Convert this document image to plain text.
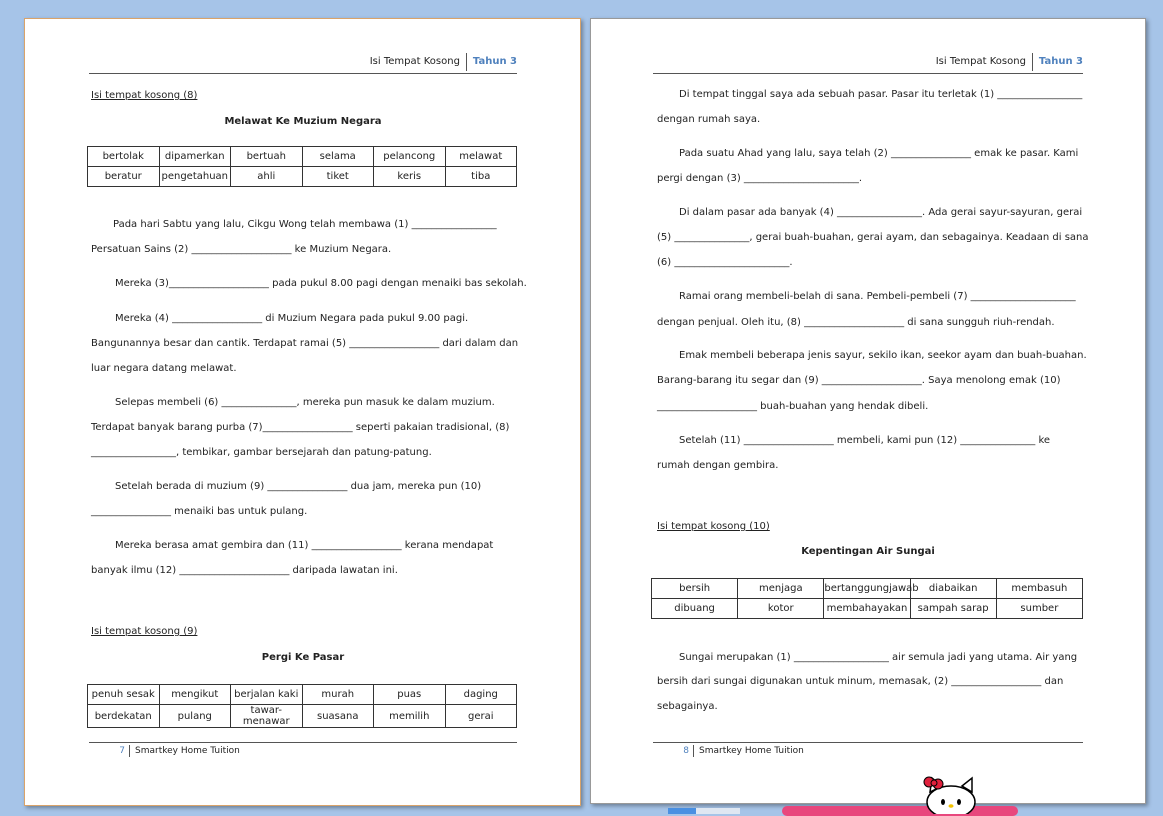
Isi Tempat Kosong Tahun 3
Isi tempat kosong (8)
Melawat Ke Muzium Negara
bertolak	dipamerkan	bertuah	selama	pelancong	melawat
beratur	pengetahuan	ahli	tiket	keris	tiba
Pada hari Sabtu yang lalu, Cikgu Wong telah membawa (1) _________________
Persatuan Sains (2) ____________________ ke Muzium Negara.
Mereka (3)____________________ pada pukul 8.00 pagi dengan menaiki bas sekolah.
Mereka (4) __________________ di Muzium Negara pada pukul 9.00 pagi.
Bangunannya besar dan cantik. Terdapat ramai (5) __________________ dari dalam dan
luar negara datang melawat.
Selepas membeli (6) _______________, mereka pun masuk ke dalam muzium.
Terdapat banyak barang purba (7)__________________ seperti pakaian tradisional, (8)
_________________, tembikar, gambar bersejarah dan patung-patung.
Setelah berada di muzium (9) ________________ dua jam, mereka pun (10)
________________ menaiki bas untuk pulang.
Mereka berasa amat gembira dan (11) __________________ kerana mendapat
banyak ilmu (12) ______________________ daripada lawatan ini.
Isi tempat kosong (9)
Pergi Ke Pasar
penuh sesak	mengikut	berjalan kaki	murah	puas	daging
berdekatan	pulang	tawar-menawar	suasana	memilih	gerai
7 Smartkey Home Tuition
Isi Tempat Kosong Tahun 3
Di tempat tinggal saya ada sebuah pasar. Pasar itu terletak (1) _________________
dengan rumah saya.
Pada suatu Ahad yang lalu, saya telah (2) ________________ emak ke pasar. Kami
pergi dengan (3) _______________________.
Di dalam pasar ada banyak (4) _________________. Ada gerai sayur-sayuran, gerai
(5) _______________, gerai buah-buahan, gerai ayam, dan sebagainya. Keadaan di sana
(6) _______________________.
Ramai orang membeli-belah di sana. Pembeli-pembeli (7) _____________________
dengan penjual. Oleh itu, (8) ____________________ di sana sungguh riuh-rendah.
Emak membeli beberapa jenis sayur, sekilo ikan, seekor ayam dan buah-buahan.
Barang-barang itu segar dan (9) ____________________. Saya menolong emak (10)
____________________ buah-buahan yang hendak dibeli.
Setelah (11) __________________ membeli, kami pun (12) _______________ ke
rumah dengan gembira.
Isi tempat kosong (10)
Kepentingan Air Sungai
bersih	menjaga	bertanggungjawab	diabaikan	membasuh
dibuang	kotor	membahayakan	sampah sarap	sumber
Sungai merupakan (1) ___________________ air semula jadi yang utama. Air yang
bersih dari sungai digunakan untuk minum, memasak, (2) __________________ dan
sebagainya.
8 Smartkey Home Tuition
